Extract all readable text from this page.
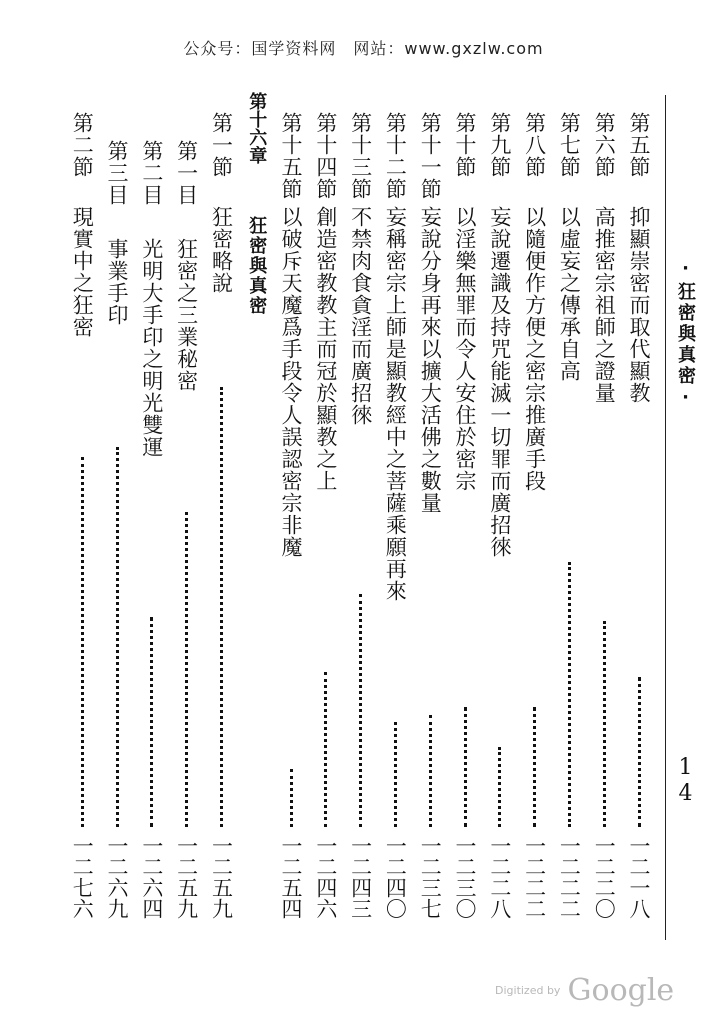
公众号：国学资料网　网站：www.gxzlw.com
·狂密與真密·
14
第五節
抑顯崇密而取代顯教
一二一八
第六節
高推密宗祖師之證量
一二二〇
第七節
以虛妄之傳承自高
一二二二
第八節
以隨便作方便之密宗推廣手段
一二二二
第九節
妄說遷識及持咒能滅一切罪而廣招徠
一二二八
第十節
以淫樂無罪而令人安住於密宗
一二三〇
第十一節
妄說分身再來以擴大活佛之數量
一二三七
第十二節
妄稱密宗上師是顯教經中之菩薩乘願再來
一二四〇
第十三節
不禁肉食貪淫而廣招徠
一二四三
第十四節
創造密教教主而冠於顯教之上
一二四六
第十五節
以破斥天魔爲手段令人誤認密宗非魔
一二五四
第十六章
狂密與真密
第一節
狂密略說
一二五九
第一目
狂密之三業秘密
一二五九
第二目
光明大手印之明光雙運
一二六四
第三目
事業手印
一二六九
第二節
現實中之狂密
一二七六
Digitized by Google
